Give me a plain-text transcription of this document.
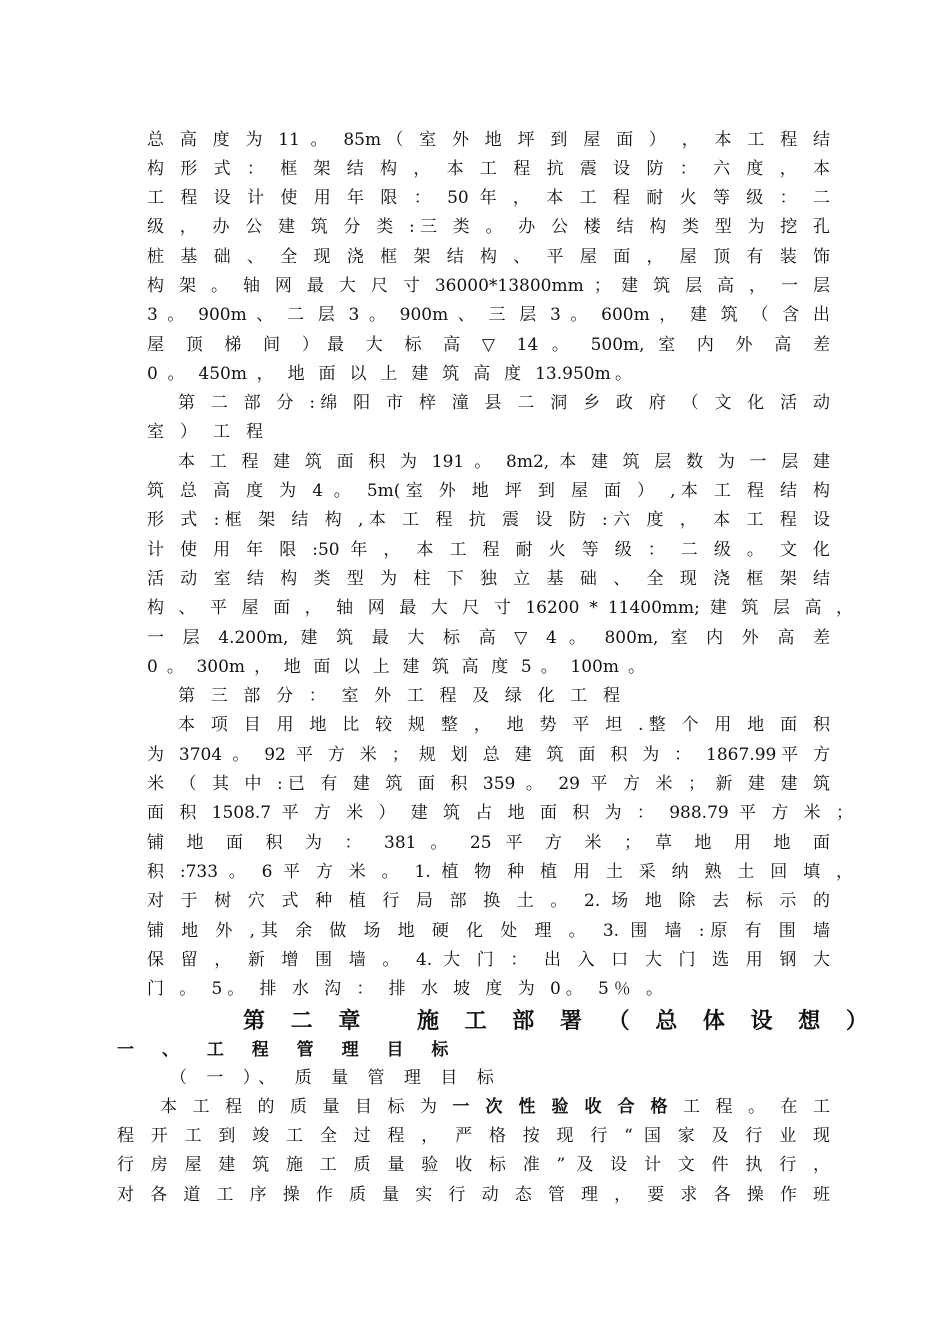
总 高 度 为 11 。 85m（ 室 外 地 坪 到 屋 面 ） ， 本 工 程 结
构 形 式 ： 框 架 结 构 ， 本 工 程 抗 震 设 防 ： 六 度 ， 本
工 程 设 计 使 用 年 限 ： 50 年 ， 本 工 程 耐 火 等 级 ： 二
级 ， 办 公 建 筑 分 类 :三 类 。 办 公 楼 结 构 类 型 为 挖 孔
桩 基 础 、 全 现 浇 框 架 结 构 、 平 屋 面 ， 屋 顶 有 装 饰
构 架 。 轴 网 最 大 尺 寸 36000*13800mm ； 建 筑 层 高 ， 一 层
3 。 900m 、 二 层 3 。 900m 、 三 层 3 。 600m ， 建 筑 （ 含 出
屋 顶 梯 间 ）最 大 标 高 ▽ 14 。 500m, 室 内 外 高 差
0 。 450m ， 地 面 以 上 建 筑 高 度 13.950m。
第 二 部 分 :绵 阳 市 梓 潼 县 二 洞 乡 政 府 （ 文 化 活 动
室 ） 工 程
本 工 程 建 筑 面 积 为 191 。 8m2, 本 建 筑 层 数 为 一 层 建
筑 总 高 度 为 4 。 5m(室 外 地 坪 到 屋 面 ） ,本 工 程 结 构
形 式 :框 架 结 构 ,本 工 程 抗 震 设 防 :六 度 ， 本 工 程 设
计 使 用 年 限 :50 年 ， 本 工 程 耐 火 等 级 ： 二 级 。 文 化
活 动 室 结 构 类 型 为 柱 下 独 立 基 础 、 全 现 浇 框 架 结
构 、 平 屋 面 ， 轴 网 最 大 尺 寸 16200 * 11400mm; 建 筑 层 高 ，
一 层 4.200m, 建 筑 最 大 标 高 ▽ 4 。 800m, 室 内 外 高 差
0 。 300m ， 地 面 以 上 建 筑 高 度 5 。 100m 。
第 三 部 分 ： 室 外 工 程 及 绿 化 工 程
本 项 目 用 地 比 较 规 整 ， 地 势 平 坦 .整 个 用 地 面 积
为 3704 。 92 平 方 米 ； 规 划 总 建 筑 面 积 为 ： 1867.99平 方
米 （ 其 中 :已 有 建 筑 面 积 359 。 29 平 方 米 ； 新 建 建 筑
面 积 1508.7 平 方 米 ） 建 筑 占 地 面 积 为 ： 988.79 平 方 米 ；
铺 地 面 积 为 ： 381 。 25 平 方 米 ； 草 地 用 地 面
积 :733 。 6 平 方 米 。 1. 植 物 种 植 用 土 采 纳 熟 土 回 填 ，
对 于 树 穴 式 种 植 行 局 部 换 土 。 2. 场 地 除 去 标 示 的
铺 地 外 ,其 余 做 场 地 硬 化 处 理 。 3. 围 墙 :原 有 围 墙
保 留 ， 新 增 围 墙 。 4. 大 门 ： 出 入 口 大 门 选 用 钢 大
门 。 5。 排 水 沟 ： 排 水 坡 度 为 0。 5％ 。
第 二 章　 施 工 部 署 （ 总 体 设 想 ）
一 、 工 程 管 理 目 标
（ 一 ）、 质 量 管 理 目 标
本 工 程 的 质 量 目 标 为 一 次 性 验 收 合 格 工 程 。 在 工
程 开 工 到 竣 工 全 过 程 ， 严 格 按 现 行 “ 国 家 及 行 业 现
行 房 屋 建 筑 施 工 质 量 验 收 标 准 ” 及 设 计 文 件 执 行 ，
对 各 道 工 序 操 作 质 量 实 行 动 态 管 理 ， 要 求 各 操 作 班
